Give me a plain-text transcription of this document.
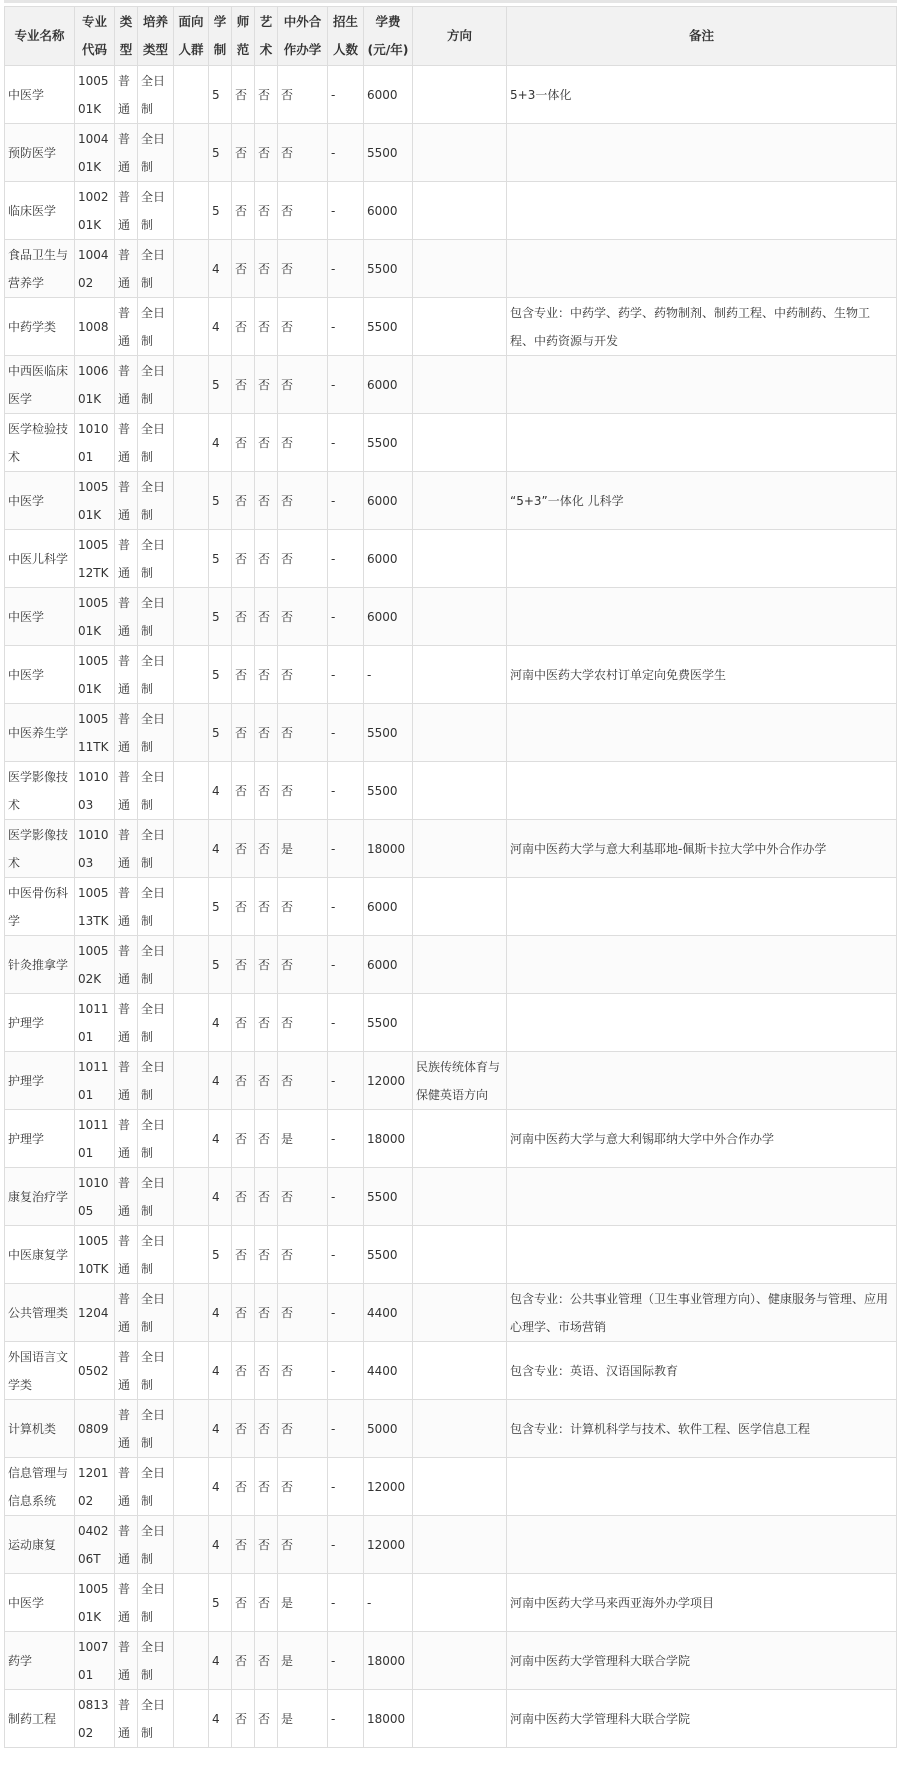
专业名称	专业代码	类型	培养类型	面向人群	学制	师范	艺术	中外合作办学	招生人数	学费(元/年)	方向	备注
中医学	100501K	普通	全日制		5	否	否	否	-	6000		5+3一体化
预防医学	100401K	普通	全日制		5	否	否	否	-	5500		
临床医学	100201K	普通	全日制		5	否	否	否	-	6000		
食品卫生与营养学	100402	普通	全日制		4	否	否	否	-	5500		
中药学类	1008	普通	全日制		4	否	否	否	-	5500		包含专业：中药学、药学、药物制剂、制药工程、中药制药、生物工程、中药资源与开发
中西医临床医学	100601K	普通	全日制		5	否	否	否	-	6000		
医学检验技术	101001	普通	全日制		4	否	否	否	-	5500		
中医学	100501K	普通	全日制		5	否	否	否	-	6000		“5+3”一体化 儿科学
中医儿科学	100512TK	普通	全日制		5	否	否	否	-	6000		
中医学	100501K	普通	全日制		5	否	否	否	-	6000		
中医学	100501K	普通	全日制		5	否	否	否	-	-		河南中医药大学农村订单定向免费医学生
中医养生学	100511TK	普通	全日制		5	否	否	否	-	5500		
医学影像技术	101003	普通	全日制		4	否	否	否	-	5500		
医学影像技术	101003	普通	全日制		4	否	否	是	-	18000		河南中医药大学与意大利基耶地-佩斯卡拉大学中外合作办学
中医骨伤科学	100513TK	普通	全日制		5	否	否	否	-	6000		
针灸推拿学	100502K	普通	全日制		5	否	否	否	-	6000		
护理学	101101	普通	全日制		4	否	否	否	-	5500		
护理学	101101	普通	全日制		4	否	否	否	-	12000	民族传统体育与保健英语方向	
护理学	101101	普通	全日制		4	否	否	是	-	18000		河南中医药大学与意大利锡耶纳大学中外合作办学
康复治疗学	101005	普通	全日制		4	否	否	否	-	5500		
中医康复学	100510TK	普通	全日制		5	否	否	否	-	5500		
公共管理类	1204	普通	全日制		4	否	否	否	-	4400		包含专业：公共事业管理（卫生事业管理方向）、健康服务与管理、应用心理学、市场营销
外国语言文学类	0502	普通	全日制		4	否	否	否	-	4400		包含专业：英语、汉语国际教育
计算机类	0809	普通	全日制		4	否	否	否	-	5000		包含专业：计算机科学与技术、软件工程、医学信息工程
信息管理与信息系统	120102	普通	全日制		4	否	否	否	-	12000		
运动康复	040206T	普通	全日制		4	否	否	否	-	12000		
中医学	100501K	普通	全日制		5	否	否	是	-	-		河南中医药大学马来西亚海外办学项目
药学	100701	普通	全日制		4	否	否	是	-	18000		河南中医药大学管理科大联合学院
制药工程	081302	普通	全日制		4	否	否	是	-	18000		河南中医药大学管理科大联合学院
